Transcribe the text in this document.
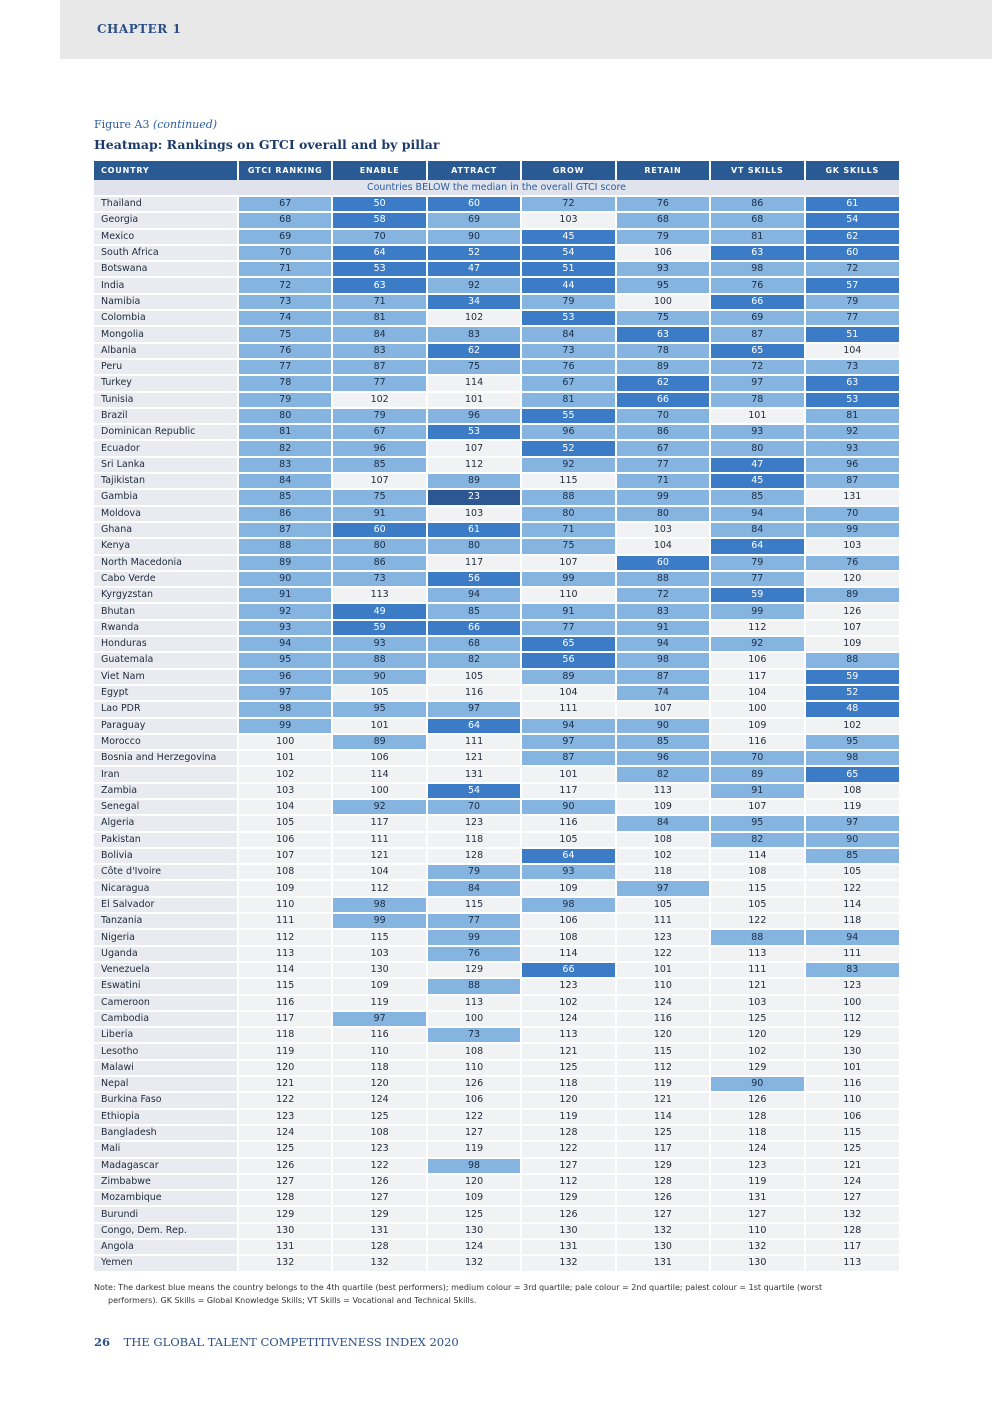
CHAPTER 1
Figure A3 (continued)
Heatmap: Rankings on GTCI overall and by pillar
COUNTRY	GTCI RANKING	ENABLE	ATTRACT	GROW	RETAIN	VT SKILLS	GK SKILLS
Countries BELOW the median in the overall GTCI score							
Thailand	67	50	60	72	76	86	61
Georgia	68	58	69	103	68	68	54
Mexico	69	70	90	45	79	81	62
South Africa	70	64	52	54	106	63	60
Botswana	71	53	47	51	93	98	72
India	72	63	92	44	95	76	57
Namibia	73	71	34	79	100	66	79
Colombia	74	81	102	53	75	69	77
Mongolia	75	84	83	84	63	87	51
Albania	76	83	62	73	78	65	104
Peru	77	87	75	76	89	72	73
Turkey	78	77	114	67	62	97	63
Tunisia	79	102	101	81	66	78	53
Brazil	80	79	96	55	70	101	81
Dominican Republic	81	67	53	96	86	93	92
Ecuador	82	96	107	52	67	80	93
Sri Lanka	83	85	112	92	77	47	96
Tajikistan	84	107	89	115	71	45	87
Gambia	85	75	23	88	99	85	131
Moldova	86	91	103	80	80	94	70
Ghana	87	60	61	71	103	84	99
Kenya	88	80	80	75	104	64	103
North Macedonia	89	86	117	107	60	79	76
Cabo Verde	90	73	56	99	88	77	120
Kyrgyzstan	91	113	94	110	72	59	89
Bhutan	92	49	85	91	83	99	126
Rwanda	93	59	66	77	91	112	107
Honduras	94	93	68	65	94	92	109
Guatemala	95	88	82	56	98	106	88
Viet Nam	96	90	105	89	87	117	59
Egypt	97	105	116	104	74	104	52
Lao PDR	98	95	97	111	107	100	48
Paraguay	99	101	64	94	90	109	102
Morocco	100	89	111	97	85	116	95
Bosnia and Herzegovina	101	106	121	87	96	70	98
Iran	102	114	131	101	82	89	65
Zambia	103	100	54	117	113	91	108
Senegal	104	92	70	90	109	107	119
Algeria	105	117	123	116	84	95	97
Pakistan	106	111	118	105	108	82	90
Bolivia	107	121	128	64	102	114	85
Côte d'Ivoire	108	104	79	93	118	108	105
Nicaragua	109	112	84	109	97	115	122
El Salvador	110	98	115	98	105	105	114
Tanzania	111	99	77	106	111	122	118
Nigeria	112	115	99	108	123	88	94
Uganda	113	103	76	114	122	113	111
Venezuela	114	130	129	66	101	111	83
Eswatini	115	109	88	123	110	121	123
Cameroon	116	119	113	102	124	103	100
Cambodia	117	97	100	124	116	125	112
Liberia	118	116	73	113	120	120	129
Lesotho	119	110	108	121	115	102	130
Malawi	120	118	110	125	112	129	101
Nepal	121	120	126	118	119	90	116
Burkina Faso	122	124	106	120	121	126	110
Ethiopia	123	125	122	119	114	128	106
Bangladesh	124	108	127	128	125	118	115
Mali	125	123	119	122	117	124	125
Madagascar	126	122	98	127	129	123	121
Zimbabwe	127	126	120	112	128	119	124
Mozambique	128	127	109	129	126	131	127
Burundi	129	129	125	126	127	127	132
Congo, Dem. Rep.	130	131	130	130	132	110	128
Angola	131	128	124	131	130	132	117
Yemen	132	132	132	132	131	130	113
Note: The darkest blue means the country belongs to the 4th quartile (best performers); medium colour = 3rd quartile; pale colour = 2nd quartile; palest colour = 1st quartile (worst
performers). GK Skills = Global Knowledge Skills; VT Skills = Vocational and Technical Skills.
26 THE GLOBAL TALENT COMPETITIVENESS INDEX 2020
